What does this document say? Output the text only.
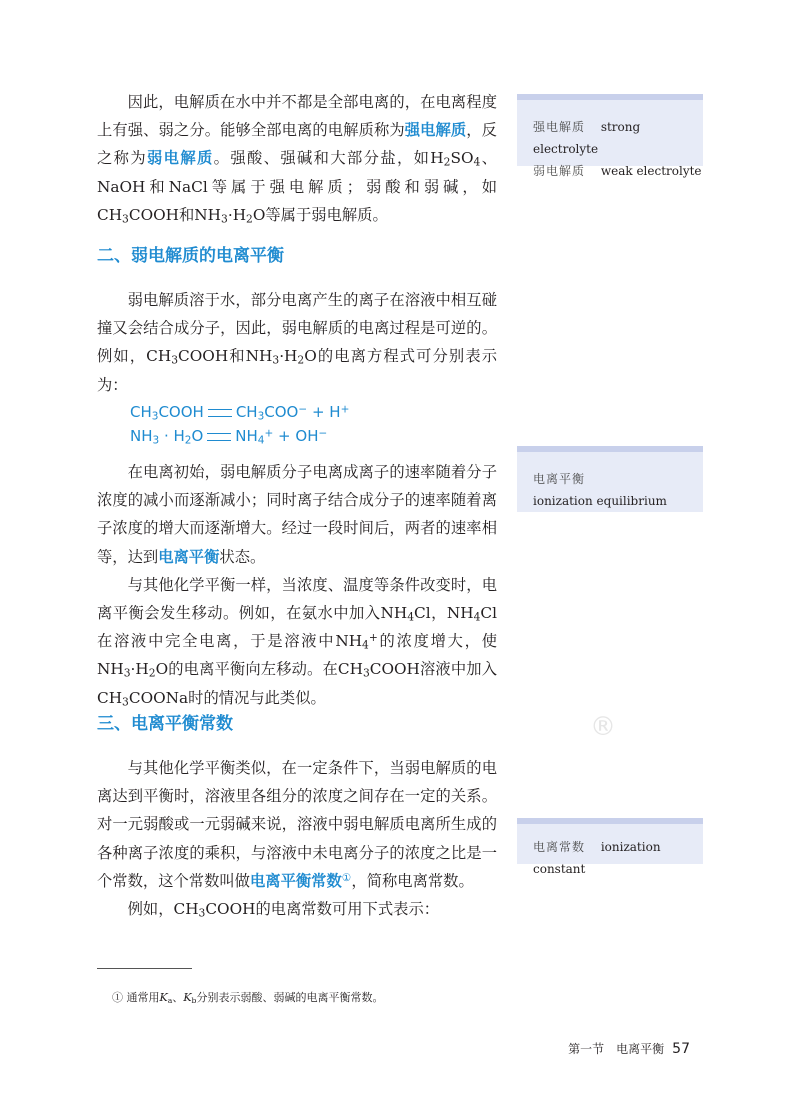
因此，电解质在水中并不都是全部电离的，在电离程度上有强、弱之分。能够全部电离的电解质称为强电解质，反之称为弱电解质。强酸、强碱和大部分盐，如$H_2SO_4$、NaOH和NaCl等属于强电解质；弱酸和弱碱，如$CH_3COOH$和$NH_3\cdot H_2O$等属于弱电解质。

强电解质 strong electrolyte
弱电解质 weak electrolyte
二、弱电解质的电离平衡

弱电解质溶于水，部分电离产生的离子在溶液中相互碰撞又会结合成分子，因此，弱电解质的电离过程是可逆的。例如，$CH_3COOH$和$NH_3\cdot H_2O$的电离方程式可分别表示为：

$CH_3COOH$ $CH_3COO^- + H^+$
$NH_3 \cdot H_2O$ $NH_4^+ + OH^-$

在电离初始，弱电解质分子电离成离子的速率随着分子浓度的减小而逐渐减小；同时离子结合成分子的速率随着离子浓度的增大而逐渐增大。经过一段时间后，两者的速率相等，达到电离平衡状态。

与其他化学平衡一样，当浓度、温度等条件改变时，电离平衡会发生移动。例如，在氨水中加入$NH_4Cl$，$NH_4Cl$在溶液中完全电离，于是溶液中$NH_4^+$的浓度增大，使$NH_3\cdot H_2O$的电离平衡向左移动。在$CH_3COOH$溶液中加入$CH_3COONa$时的情况与此类似。

电离平衡
ionization equilibrium
三、电离平衡常数	®

与其他化学平衡类似，在一定条件下，当弱电解质的电离达到平衡时，溶液里各组分的浓度之间存在一定的关系。对一元弱酸或一元弱碱来说，溶液中弱电解质电离所生成的各种离子浓度的乘积，与溶液中未电离分子的浓度之比是一个常数，这个常数叫做电离平衡常数①，简称电离常数。

例如，$CH_3COOH$的电离常数可用下式表示：

电离常数 ionization constant
① 通常用$K_a$、$K_b$分别表示弱酸、弱碱的电离平衡常数。
第一节　电离平衡 57
